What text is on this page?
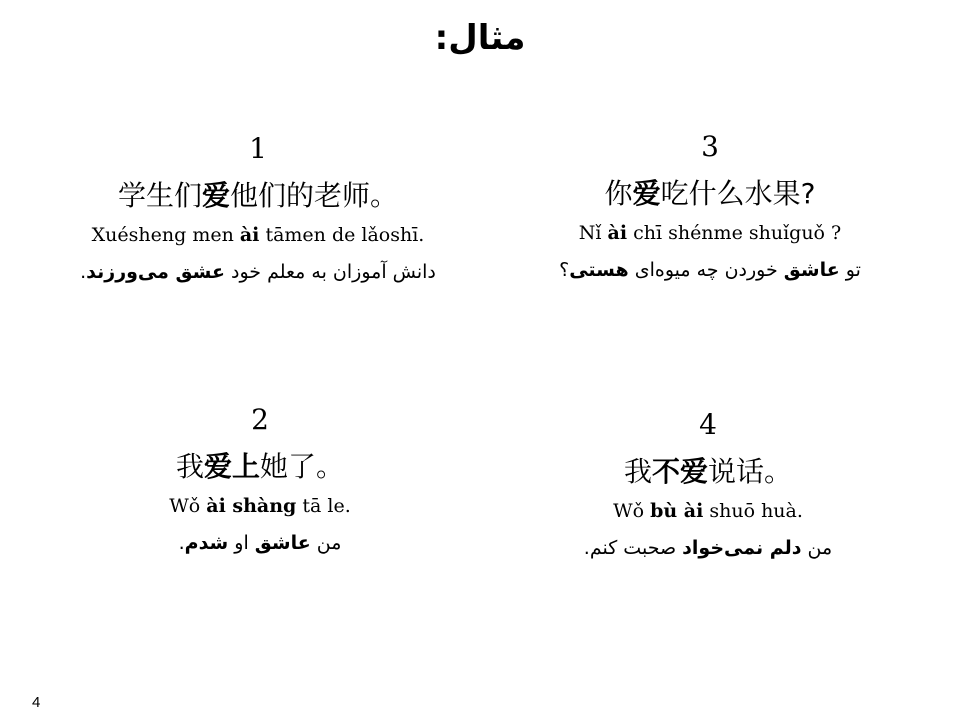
مثال:
1
学生们爱他们的老师。
Xuésheng men ài tāmen de lǎoshī.
دانش آموزان به معلم خود عشق می‌ورزند.
3
你爱吃什么水果?
Nǐ ài chī shénme shuǐguǒ ?
تو عاشق خوردن چه میوه‌ای هستی؟
2
我爱上她了。
Wǒ ài shàng tā le.
من عاشق او شدم.
4
我不爱说话。
Wǒ bù ài shuō huà.
من دلم نمی‌خواد صحبت کنم.
4
